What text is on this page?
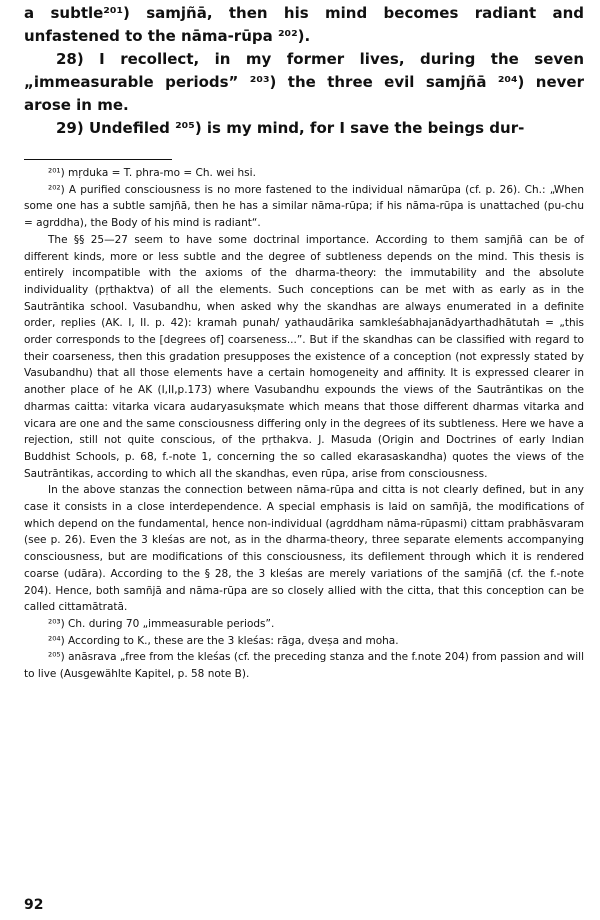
a subtle²⁰¹) samjñā, then his mind becomes radiant and unfastened to the nāma-rūpa ²⁰²).

28) I recollect, in my former lives, during the seven „immeasurable periods” ²⁰³) the three evil samjñā ²⁰⁴) never arose in me.

29) Undefiled ²⁰⁵) is my mind, for I save the beings dur-

²⁰¹) mṛduka = T. phra-mo = Ch. wei hsi.

²⁰²) A purified consciousness is no more fastened to the individual nāmarūpa (cf. p. 26). Ch.: „When some one has a subtle samjñā, then he has a similar nāma-rūpa; if his nāma-rūpa is unattached (pu-chu = agrddha), the Body of his mind is radiant“.

The §§ 25—27 seem to have some doctrinal importance. According to them samjñā can be of different kinds, more or less subtle and the degree of subtleness depends on the mind. This thesis is entirely incompatible with the axioms of the dharma-theory: the immutability and the absolute individuality (pṛthaktva) of all the elements. Such conceptions can be met with as early as in the Sautrāntika school. Vasubandhu, when asked why the skandhas are always enumerated in a definite order, replies (AK. I, II. p. 42): kramah punah/ yathaudārika samkleśabhajanādyarthadhātutah = „this order corresponds to the [degrees of] coarseness...”. But if the skandhas can be classified with regard to their coarseness, then this gradation presupposes the existence of a conception (not expressly stated by Vasubandhu) that all those elements have a certain homogeneity and affinity. It is expressed clearer in another place of he AK (I,II,p.173) where Vasubandhu expounds the views of the Sautrāntikas on the dharmas caitta: vitarka vicara audaryasukṣmate which means that those different dharmas vitarka and vicara are one and the same consciousness differing only in the degrees of its subtleness. Here we have a rejection, still not quite conscious, of the pṛthakva. J. Masuda (Origin and Doctrines of early Indian Buddhist Schools, p. 68, f.-note 1, concerning the so called ekarasaskandha) quotes the views of the Sautrāntikas, according to which all the skandhas, even rūpa, arise from consciousness.

In the above stanzas the connection between nāma-rūpa and citta is not clearly defined, but in any case it consists in a close interdependence. A special emphasis is laid on samñjā, the modifications of which depend on the fundamental, hence non-individual (agrddham nāma-rūpasmi) cittam prabhāsvaram (see p. 26). Even the 3 kleśas are not, as in the dharma-theory, three separate elements accompanying consciousness, but are modifications of this consciousness, its defilement through which it is rendered coarse (udāra). According to the § 28, the 3 kleśas are merely variations of the samjñā (cf. the f.-note 204). Hence, both samñjā and nāma-rūpa are so closely allied with the citta, that this conception can be called cittamātratā.

²⁰³) Ch. during 70 „immeasurable periods”.

²⁰⁴) According to K., these are the 3 kleśas: rāga, dveṣa and moha.

²⁰⁵) anāsrava „free from the kleśas (cf. the preceding stanza and the f.note 204) from passion and will to live (Ausgewählte Kapitel, p. 58 note B).

92
